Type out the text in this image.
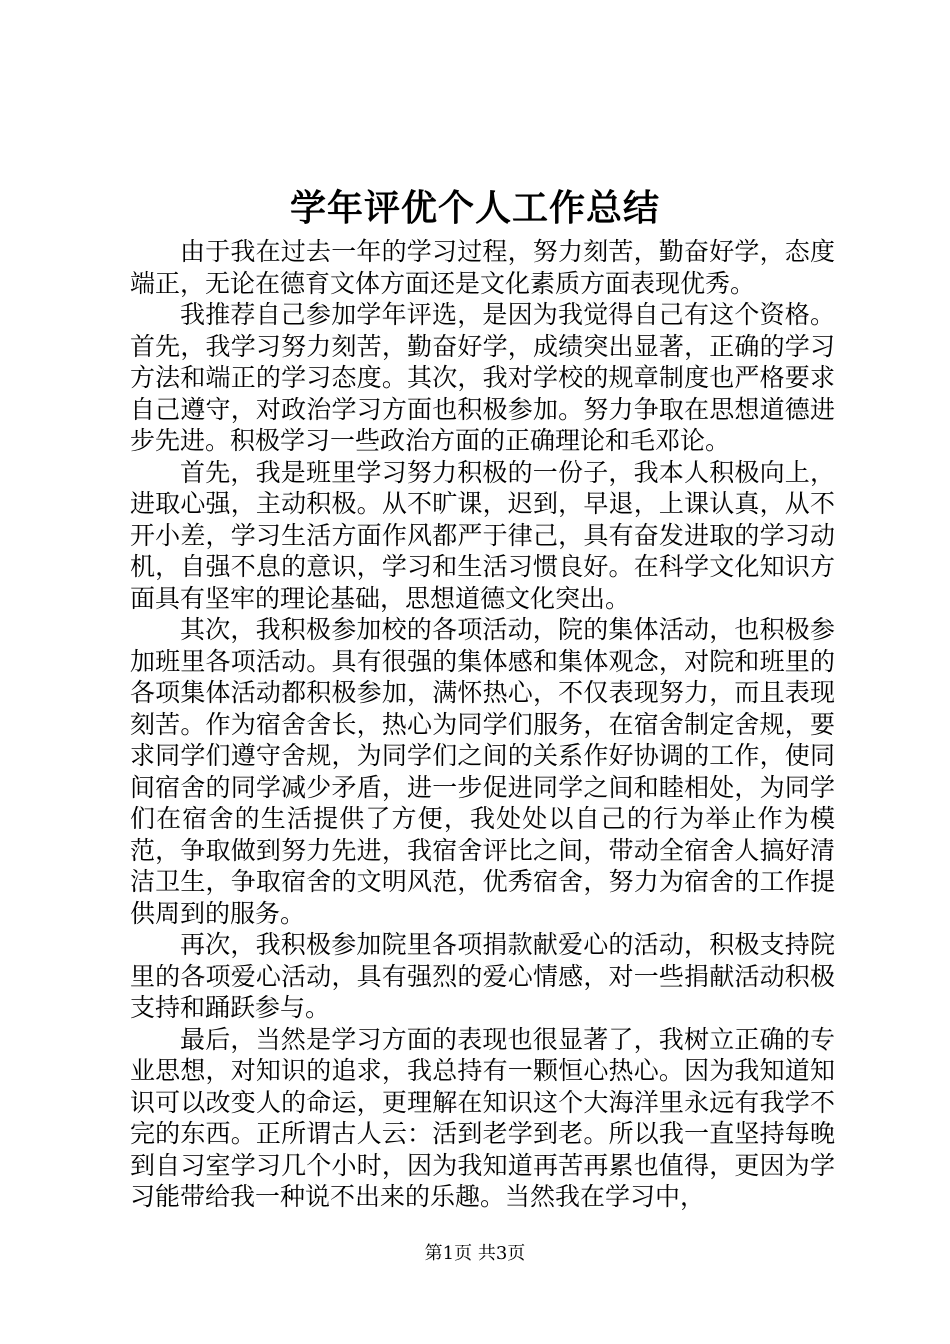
学年评优个人工作总结

由于我在过去一年的学习过程，努力刻苦，勤奋好学，态度端正，无论在德育文体方面还是文化素质方面表现优秀。

我推荐自己参加学年评选，是因为我觉得自己有这个资格。首先，我学习努力刻苦，勤奋好学，成绩突出显著，正确的学习方法和端正的学习态度。其次，我对学校的规章制度也严格要求自己遵守，对政治学习方面也积极参加。努力争取在思想道德进步先进。积极学习一些政治方面的正确理论和毛邓论。

首先，我是班里学习努力积极的一份子，我本人积极向上，进取心强，主动积极。从不旷课，迟到，早退，上课认真，从不开小差，学习生活方面作风都严于律己，具有奋发进取的学习动机，自强不息的意识，学习和生活习惯良好。在科学文化知识方面具有坚牢的理论基础，思想道德文化突出。

其次，我积极参加校的各项活动，院的集体活动，也积极参加班里各项活动。具有很强的集体感和集体观念，对院和班里的各项集体活动都积极参加，满怀热心，不仅表现努力，而且表现刻苦。作为宿舍舍长，热心为同学们服务，在宿舍制定舍规，要求同学们遵守舍规，为同学们之间的关系作好协调的工作，使同间宿舍的同学减少矛盾，进一步促进同学之间和睦相处，为同学们在宿舍的生活提供了方便，我处处以自己的行为举止作为模范，争取做到努力先进，我宿舍评比之间，带动全宿舍人搞好清洁卫生，争取宿舍的文明风范，优秀宿舍，努力为宿舍的工作提供周到的服务。

再次，我积极参加院里各项捐款献爱心的活动，积极支持院里的各项爱心活动，具有强烈的爱心情感，对一些捐献活动积极支持和踊跃参与。

最后，当然是学习方面的表现也很显著了，我树立正确的专业思想，对知识的追求，我总持有一颗恒心热心。因为我知道知识可以改变人的命运，更理解在知识这个大海洋里永远有我学不完的东西。正所谓古人云：活到老学到老。所以我一直坚持每晚到自习室学习几个小时，因为我知道再苦再累也值得，更因为学习能带给我一种说不出来的乐趣。当然我在学习中，

第1页 共3页
